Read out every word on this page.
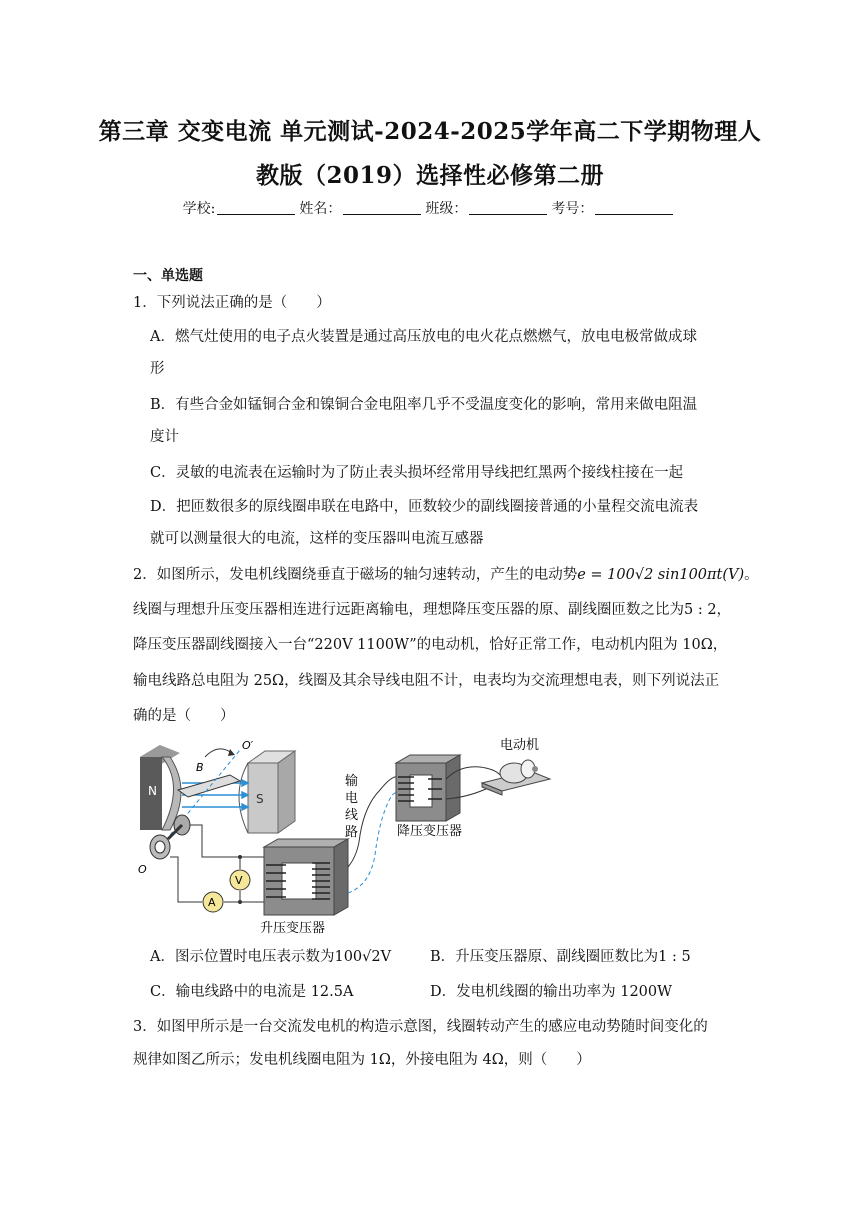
第三章 交变电流 单元测试-2024-2025学年高二下学期物理人
教版（2019）选择性必修第二册
学校:	姓名：	班级：	考号：
一、单选题
1．下列说法正确的是（　　）
A．燃气灶使用的电子点火装置是通过高压放电的电火花点燃燃气，放电电极常做成球
形
B．有些合金如锰铜合金和镍铜合金电阻率几乎不受温度变化的影响，常用来做电阻温
度计
C．灵敏的电流表在运输时为了防止表头损坏经常用导线把红黑两个接线柱接在一起
D．把匝数很多的原线圈串联在电路中，匝数较少的副线圈接普通的小量程交流电流表
就可以测量很大的电流，这样的变压器叫电流互感器
2．如图所示，发电机线圈绕垂直于磁场的轴匀速转动，产生的电动势e = 100√2 sin100πt(V)。
线圈与理想升压变压器相连进行远距离输电，理想降压变压器的原、副线圈匝数之比为5 : 2，
降压变压器副线圈接入一台“220V 1100W”的电动机，恰好正常工作，电动机内阻为 10Ω，
输电线路总电阻为 25Ω，线圈及其余导线电阻不计，电表均为交流理想电表，则下列说法正
确的是（　　）
N
S
B
O′
O
V
A
升压变压器
输
电
线
路	降压变压器
电动机
A．图示位置时电压表示数为100√2V	B．升压变压器原、副线圈匝数比为1 : 5
C．输电线路中的电流是 12.5A	D．发电机线圈的输出功率为 1200W
3．如图甲所示是一台交流发电机的构造示意图，线圈转动产生的感应电动势随时间变化的
规律如图乙所示；发电机线圈电阻为 1Ω，外接电阻为 4Ω，则（　　）
